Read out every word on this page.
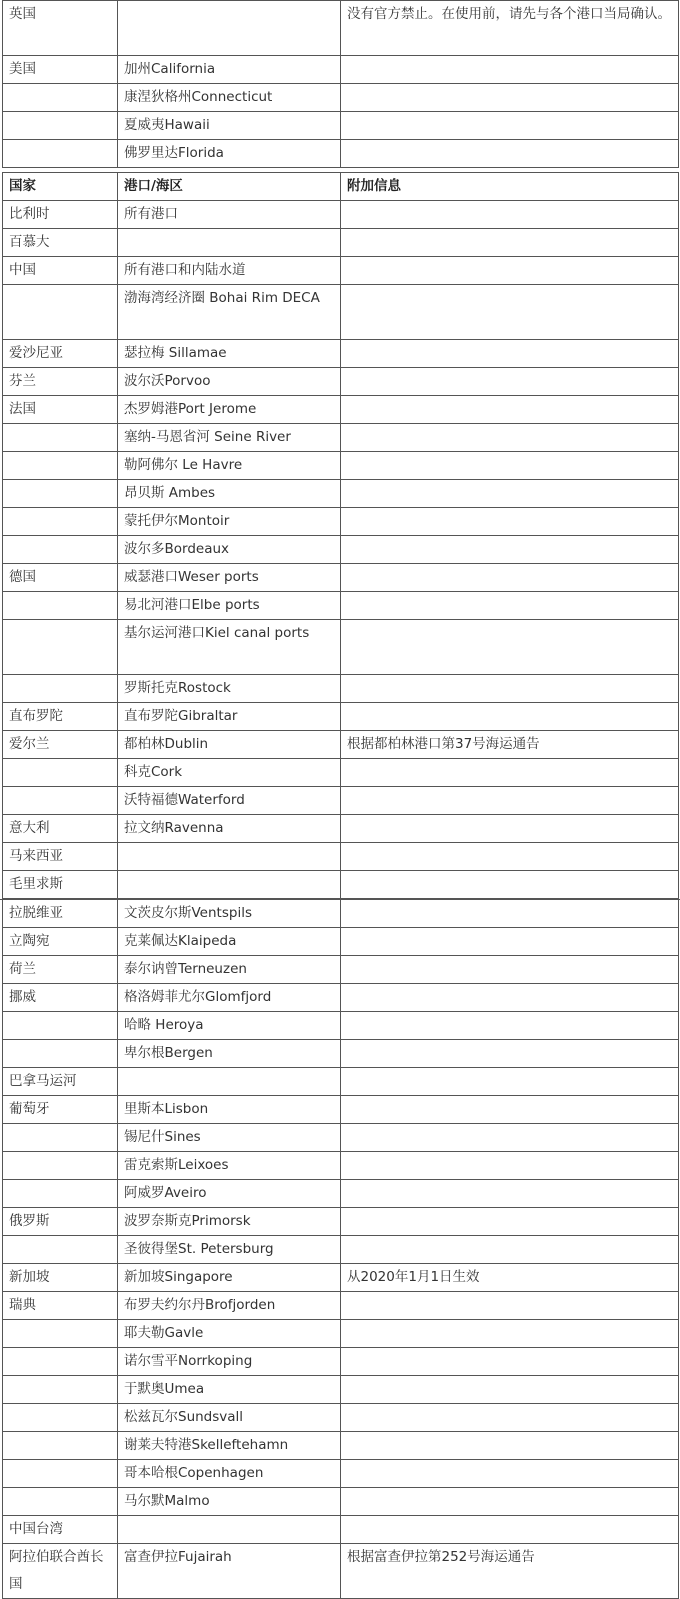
英国		没有官方禁止。在使用前，请先与各个港口当局确认。
美国	加州California	
	康涅狄格州Connecticut	
	夏威夷Hawaii	
	佛罗里达Florida	
国家	港口/海区	附加信息
比利时	所有港口	
百慕大		
中国	所有港口和内陆水道	
	渤海湾经济圈 Bohai Rim DECA	
爱沙尼亚	瑟拉梅 Sillamae	
芬兰	波尔沃Porvoo	
法国	杰罗姆港Port Jerome	
	塞纳-马恩省河 Seine River	
	勒阿佛尔 Le Havre	
	昂贝斯 Ambes	
	蒙托伊尔Montoir	
	波尔多Bordeaux	
德国	威瑟港口Weser ports	
	易北河港口Elbe ports	
	基尔运河港口Kiel canal ports	
	罗斯托克Rostock	
直布罗陀	直布罗陀Gibraltar	
爱尔兰	都柏林Dublin	根据都柏林港口第37号海运通告
	科克Cork	
	沃特福德Waterford	
意大利	拉文纳Ravenna	
马来西亚		
毛里求斯		
拉脱维亚	文茨皮尔斯Ventspils	
立陶宛	克莱佩达Klaipeda	
荷兰	泰尔讷曾Terneuzen	
挪威	格洛姆菲尤尔Glomfjord	
	哈略 Heroya	
	卑尔根Bergen	
巴拿马运河		
葡萄牙	里斯本Lisbon	
	锡尼什Sines	
	雷克索斯Leixoes	
	阿威罗Aveiro	
俄罗斯	波罗奈斯克Primorsk	
	圣彼得堡St. Petersburg	
新加坡	新加坡Singapore	从2020年1月1日生效
瑞典	布罗夫约尔丹Brofjorden	
	耶夫勒Gavle	
	诺尔雪平Norrkoping	
	于默奥Umea	
	松兹瓦尔Sundsvall	
	谢莱夫特港Skelleftehamn	
	哥本哈根Copenhagen	
	马尔默Malmo	
中国台湾		
阿拉伯联合酋长国	富查伊拉Fujairah	根据富查伊拉第252号海运通告
